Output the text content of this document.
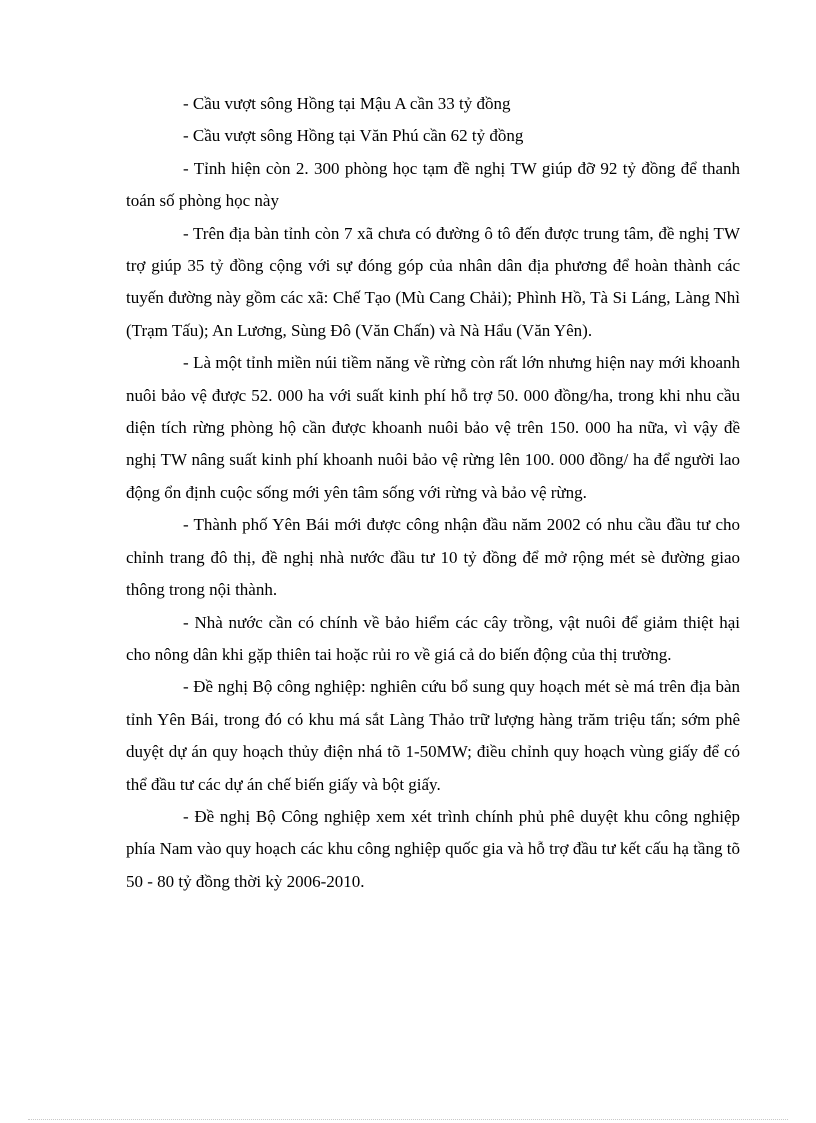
- Cầu vượt sông Hồng tại Mậu A cần 33 tỷ đồng

- Cầu vượt sông Hồng tại Văn Phú cần 62 tỷ đồng

- Tỉnh hiện còn 2. 300 phòng học tạm đề nghị TW giúp đỡ 92 tỷ đồng để thanh toán số phòng học này

- Trên địa bàn tỉnh còn 7 xã chưa có đường ô tô đến được trung tâm, đề nghị TW trợ giúp 35 tỷ đồng cộng với sự đóng góp của nhân dân địa phương để hoàn thành các tuyến đường này gồm các xã: Chế Tạo (Mù Cang Chải); Phình Hồ, Tà Si Láng, Làng Nhì (Trạm Tấu); An Lương, Sùng Đô (Văn Chấn) và Nà Hẩu (Văn Yên).

- Là một tỉnh miền núi tiềm năng về rừng còn rất lớn nhưng hiện nay mới khoanh nuôi bảo vệ được 52. 000 ha với suất kinh phí hỗ trợ 50. 000 đồng/ha, trong khi nhu cầu diện tích rừng phòng hộ cần được khoanh nuôi bảo vệ trên 150. 000 ha nữa, vì vậy đề nghị TW nâng suất kinh phí khoanh nuôi bảo vệ rừng lên 100. 000 đồng/ ha để người lao động ổn định cuộc sống mới yên tâm sống với rừng và bảo vệ rừng.

- Thành phố Yên Bái mới được công nhận đầu năm 2002 có nhu cầu đầu tư cho chỉnh trang đô thị, đề nghị nhà nước đầu tư 10 tỷ đồng để mở rộng mét sè đường giao thông trong nội thành.

- Nhà nước cần có chính về bảo hiểm các cây trồng, vật nuôi để giảm thiệt hại cho nông dân khi gặp thiên tai hoặc rủi ro về giá cả do biến động của thị trường.

- Đề nghị Bộ công nghiệp: nghiên cứu bổ sung quy hoạch mét sè má trên địa bàn tỉnh Yên Bái, trong đó có khu má sắt Làng Thảo trữ lượng hàng trăm triệu tấn; sớm phê duyệt dự án quy hoạch thủy điện nhá tõ 1-50MW; điều chỉnh quy hoạch vùng giấy để có thể đầu tư các dự án chế biến giấy và bột giấy.

- Đề nghị Bộ Công nghiệp xem xét trình chính phủ phê duyệt khu công nghiệp phía Nam vào quy hoạch các khu công nghiệp quốc gia và hỗ trợ đầu tư kết cấu hạ tầng tõ 50 - 80 tỷ đồng thời kỳ 2006-2010.
